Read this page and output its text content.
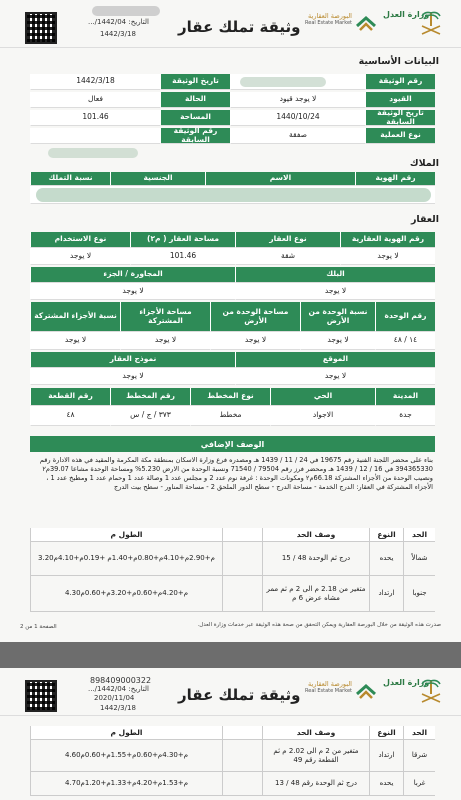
التاريخ: 1442/04/...
1442/3/18	وثيقة تملك عقار
البورصة العقارية
Real Estate Market
وزارة العدل
البيانات الأساسية
رقم الوثيقة
تاريخ الوثيقة
1442/3/18
القيود
لا يوجد قيود
الحالة
فعال
تاريخ الوثيقة السابقة
1440/10/24
المساحة
101.46
نوع العملية
صفقة
رقم الوثيقة السابقة
الملاك
رقم الهوية
الاسم
الجنسية
نسبة التملك
العقار
رقم الهوية العقارية
نوع العقار
مساحة العقار ( م٢)
نوع الاستخدام
لا يوجد
شقة
101.46
لا يوجد
البلك
المجاورة / الجزء
لا يوجد
لا يوجد
رقم الوحدة
نسبة الوحدة من الأرض
مساحة الوحدة من الأرض
مساحة الأجزاء المشتركة
نسبة الأجزاء المشتركة
١٤ / ٤٨
لا يوجد
لا يوجد
لا يوجد
لا يوجد
الموقع
نموذج العقار
لا يوجد
لا يوجد
المدينة
الحي
نوع المخطط
رقم المخطط
رقم القطعة
جدة
الاجواد
مخطط
٣٧٣ / ج / س
٤٨
الوصف الإضافي
بناء على محضر اللجنة الفنية رقم 19675 في 24 / 11 / 1439 هـ ومصدره فرع وزارة الاسكان بمنطقة مكة المكرمة والمقيد في هذه الادارة رقم 394365330 في 16 / 12 / 1439 هـ ومحضر فرز رقم 79504 / 71540 ونسبة الوحدة من الارض 5.230% ومساحة الوحدة مشاعا 39.07م٢ ونصيب الوحدة من الأجزاء المشتركة 66.18م٢ ومكونات الوحدة : غرفة نوم عدد 2 و مجلس عدد 1 وصالة عدد 1 وحمام عدد 1 ومطبخ عدد 1 ، الأجزاء المشتركة في العقار: الدرج الخدمة - مساحة الدرج - سطح الدور الملحق 2 - مساحة المناور - سطح بيت الدرج
الحد
النوع
وصف الحد
الطول م
شمالاً
يحده
درج ثم الوحدة 48 / 15
3.20م+2.90م+4.10م+0.80م+1.40م +0.19م+4.10م
جنوبا
ارتداد
متغير من 2.18 م الى 2 م ثم ممر مشاه عرض 6 م
4.30م+4.20م+0.60م+3.20م+0.60م
صدرت هذه الوثيقة من خلال البورصة العقارية ويمكن التحقق من صحة هذه الوثيقة عبر خدمات وزارة العدل.
الصفحة 1 من 2
898409000322
التاريخ: 1442/04/...
2020/11/04
1442/3/18
وثيقة تملك عقار
البورصة العقارية
Real Estate Market
وزارة العدل
الحد
النوع
وصف الحد
الطول م
شرقا
ارتداد
متغير من 2 م الى 2.02 م ثم القطعة رقم 49
4.60م+4.30م+0.60م+1.55م+0.60م
غربا
يحده
درج ثم الوحدة رقم 48 / 13
4.70م+1.53م+4.20م+1.33م+1.20م
